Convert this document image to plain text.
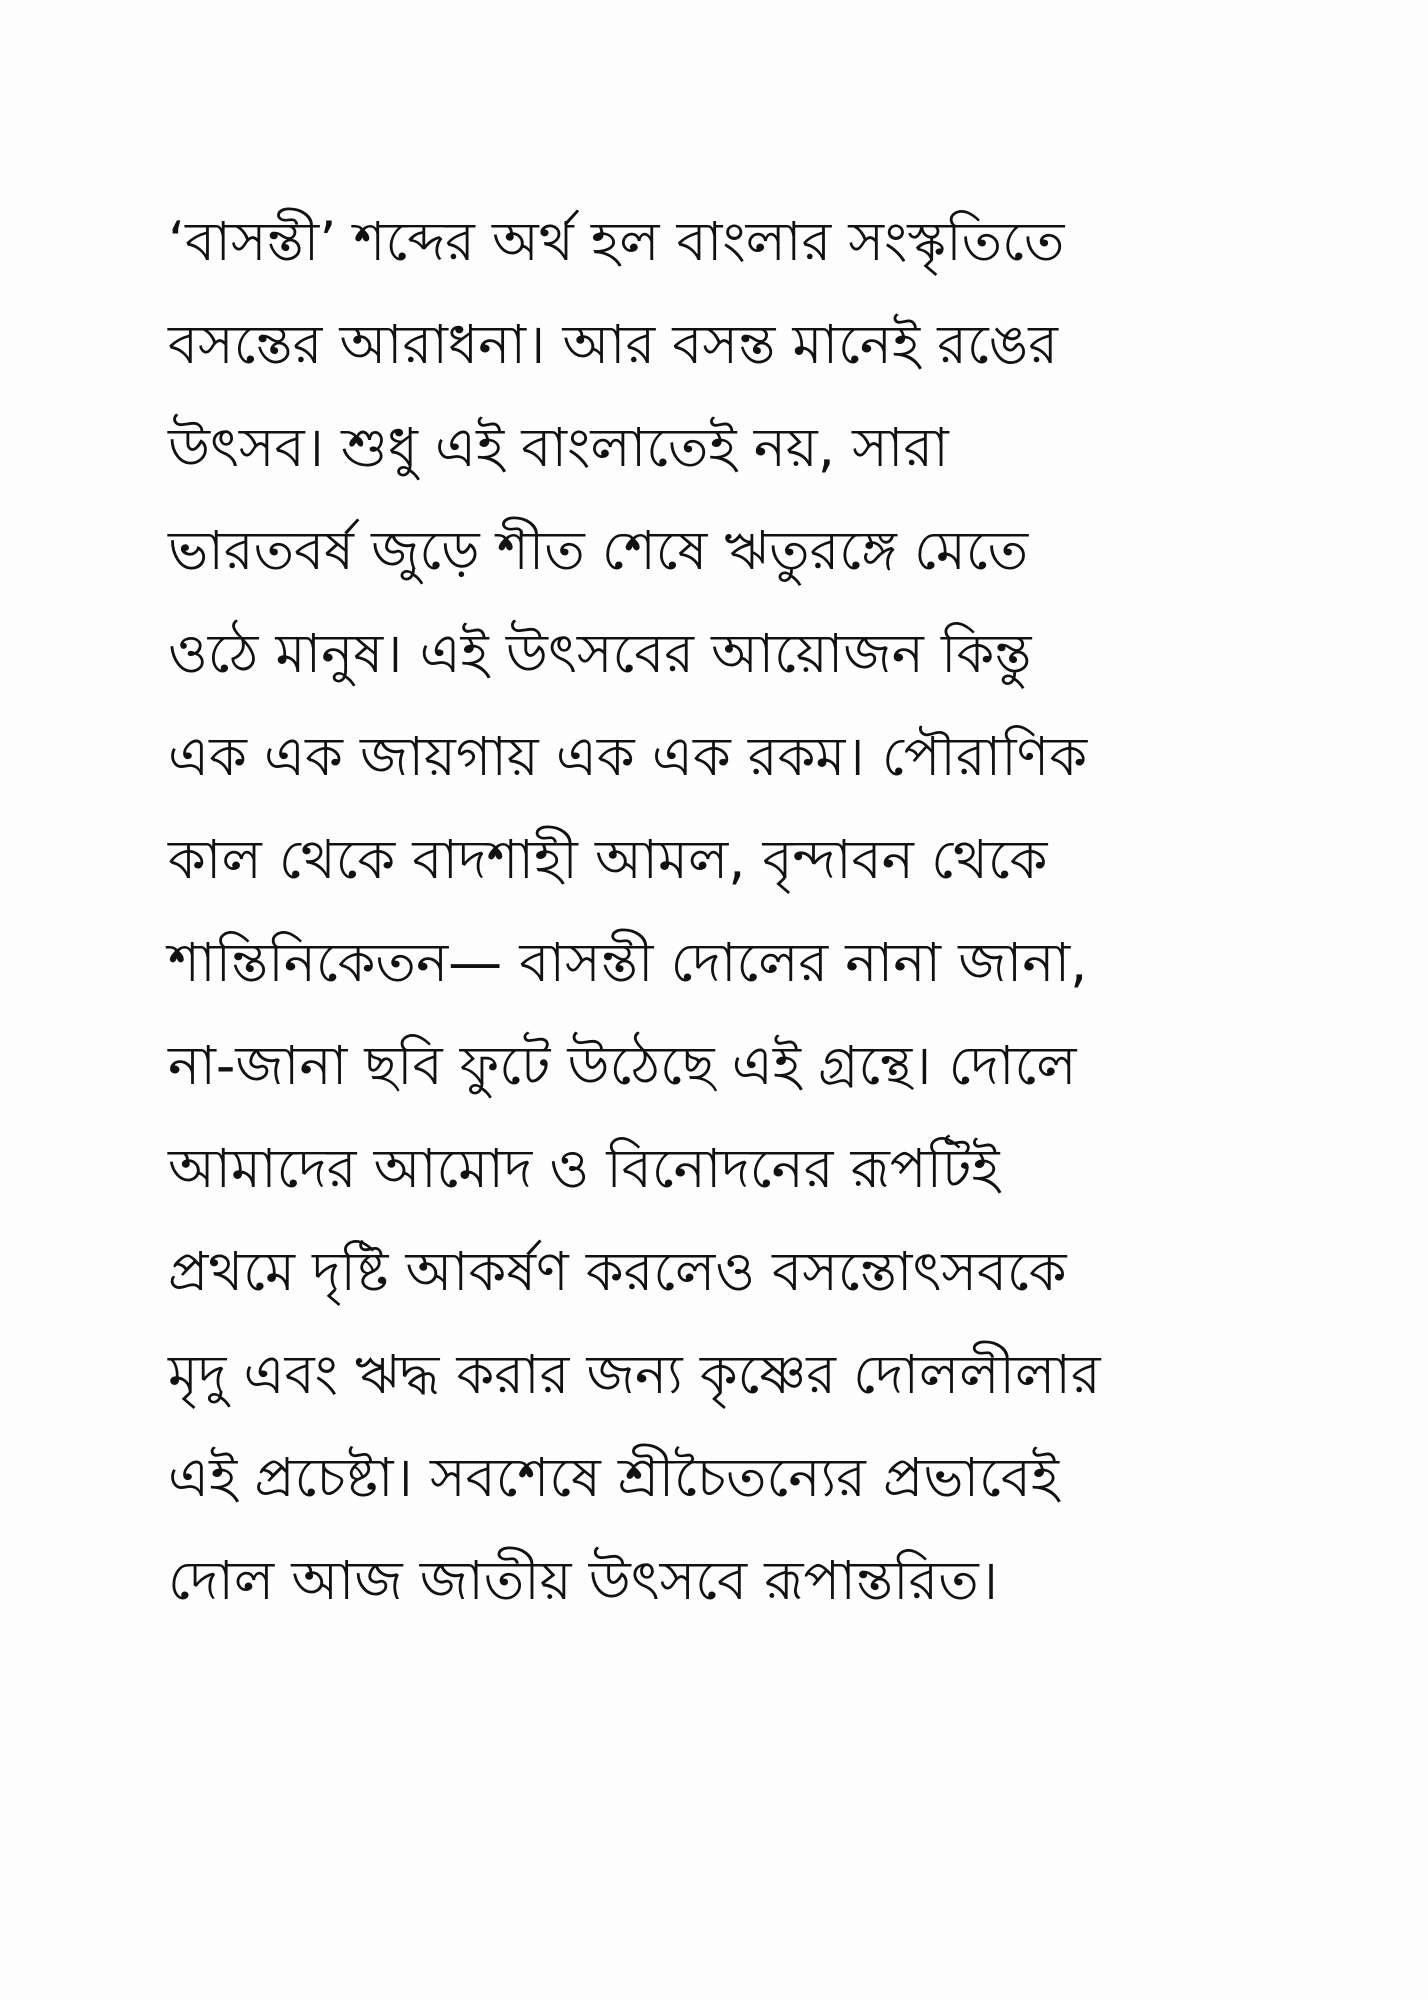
‘বাসন্তী’ শব্দের অর্থ হল বাংলার সংস্কৃতিতে
বসন্তের আরাধনা। আর বসন্ত মানেই রঙের
উৎসব। শুধু এই বাংলাতেই নয়, সারা
ভারতবর্ষ জুড়ে শীত শেষে ঋতুরঙ্গে মেতে
ওঠে মানুষ। এই উৎসবের আয়োজন কিন্তু
এক এক জায়গায় এক এক রকম। পৌরাণিক
কাল থেকে বাদশাহী আমল, বৃন্দাবন থেকে
শান্তিনিকেতন— বাসন্তী দোলের নানা জানা,
না-জানা ছবি ফুটে উঠেছে এই গ্রন্থে। দোলে
আমাদের আমোদ ও বিনোদনের রূপটিই
প্রথমে দৃষ্টি আকর্ষণ করলেও বসন্তোৎসবকে
মৃদু এবং ঋদ্ধ করার জন্য কৃষ্ণের দোললীলার
এই প্রচেষ্টা। সবশেষে শ্রীচৈতন্যের প্রভাবেই
দোল আজ জাতীয় উৎসবে রূপান্তরিত।
